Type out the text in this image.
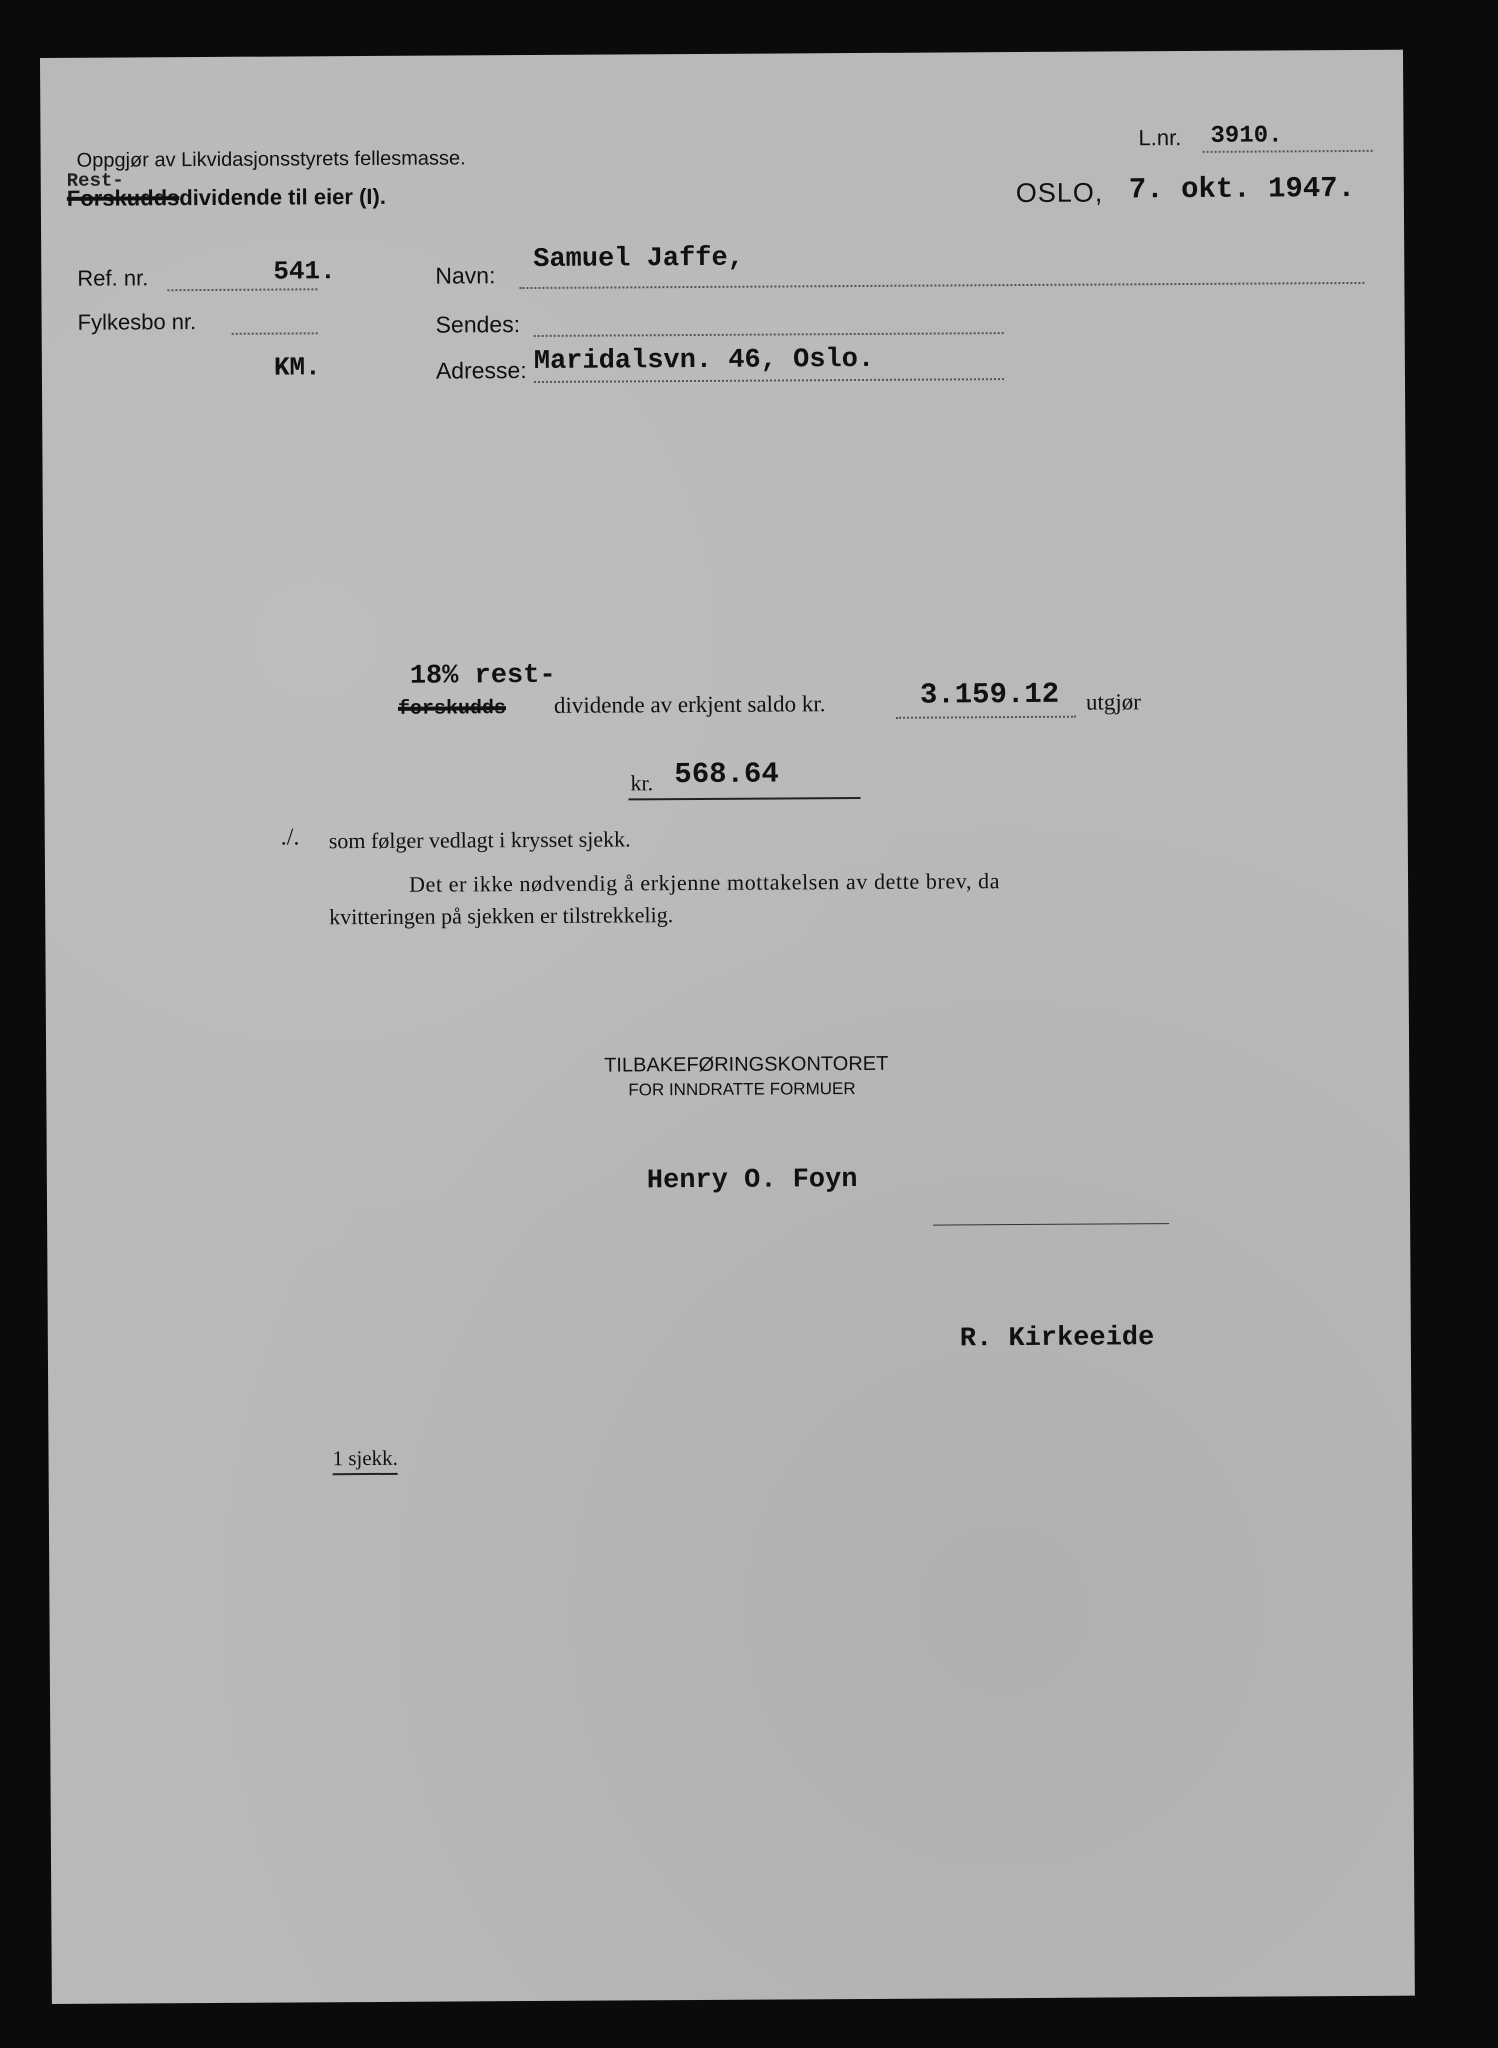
Oppgjør av Likvidasjonsstyrets fellesmasse.
Rest-
Forskuddsdividende til eier (I).
L.nr. 3910.
OSLO, 7. okt. 1947.
Ref. nr.	541.
Fylkesbo nr.
KM.
Navn:
Samuel Jaffe,
Sendes:
Adresse: Maridalsvn. 46, Oslo.
18% rest-
forskudds dividende av erkjent saldo kr.	3.159.12 utgjør
kr. 568.64
./. som følger vedlagt i krysset sjekk.
Det er ikke nødvendig å erkjenne mottakelsen av dette brev, da
kvitteringen på sjekken er tilstrekkelig.
TILBAKEFØRINGSKONTORET
FOR INNDRATTE FORMUER
Henry O. Foyn
R. Kirkeeide
1 sjekk.
